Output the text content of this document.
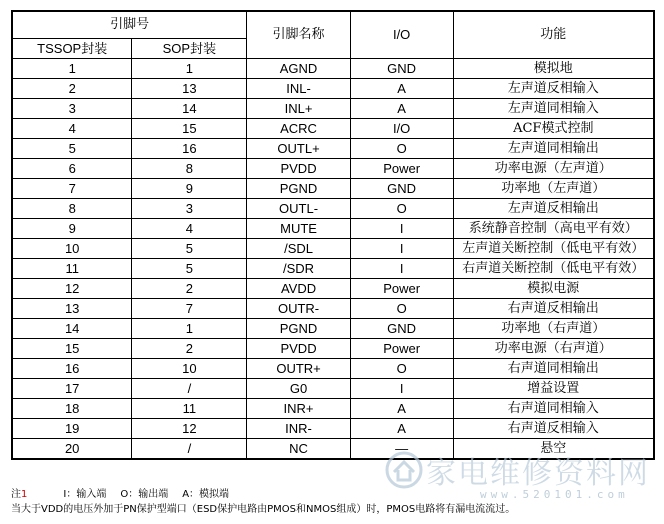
引脚号		引脚名称	I/O	功能
TSSOP封装	SOP封装			
1	1	AGND	GND	模拟地
2	13	INL-	A	左声道反相输入
3	14	INL+	A	左声道同相输入
4	15	ACRC	I/O	ACF模式控制
5	16	OUTL+	O	左声道同相输出
6	8	PVDD	Power	功率电源（左声道）
7	9	PGND	GND	功率地（左声道）
8	3	OUTL-	O	左声道反相输出
9	4	MUTE	I	系统静音控制（高电平有效）
10	5	/SDL	I	左声道关断控制（低电平有效）
11	5	/SDR	I	右声道关断控制（低电平有效）
12	2	AVDD	Power	模拟电源
13	7	OUTR-	O	右声道反相输出
14	1	PGND	GND	功率地（右声道）
15	2	PVDD	Power	功率电源（右声道）
16	10	OUTR+	O	右声道同相输出
17	/	G0	I	增益设置
18	11	INR+	A	右声道同相输入
19	12	INR-	A	右声道反相输入
20	/	NC	—	悬空
注1	I：输入端 O：输出端 A：模拟端
当大于VDD的电压外加于PN保护型端口（ESD保护电路由PMOS和NMOS组成）时，PMOS电路将有漏电流流过。
家电维修资料网
www.520101.com
